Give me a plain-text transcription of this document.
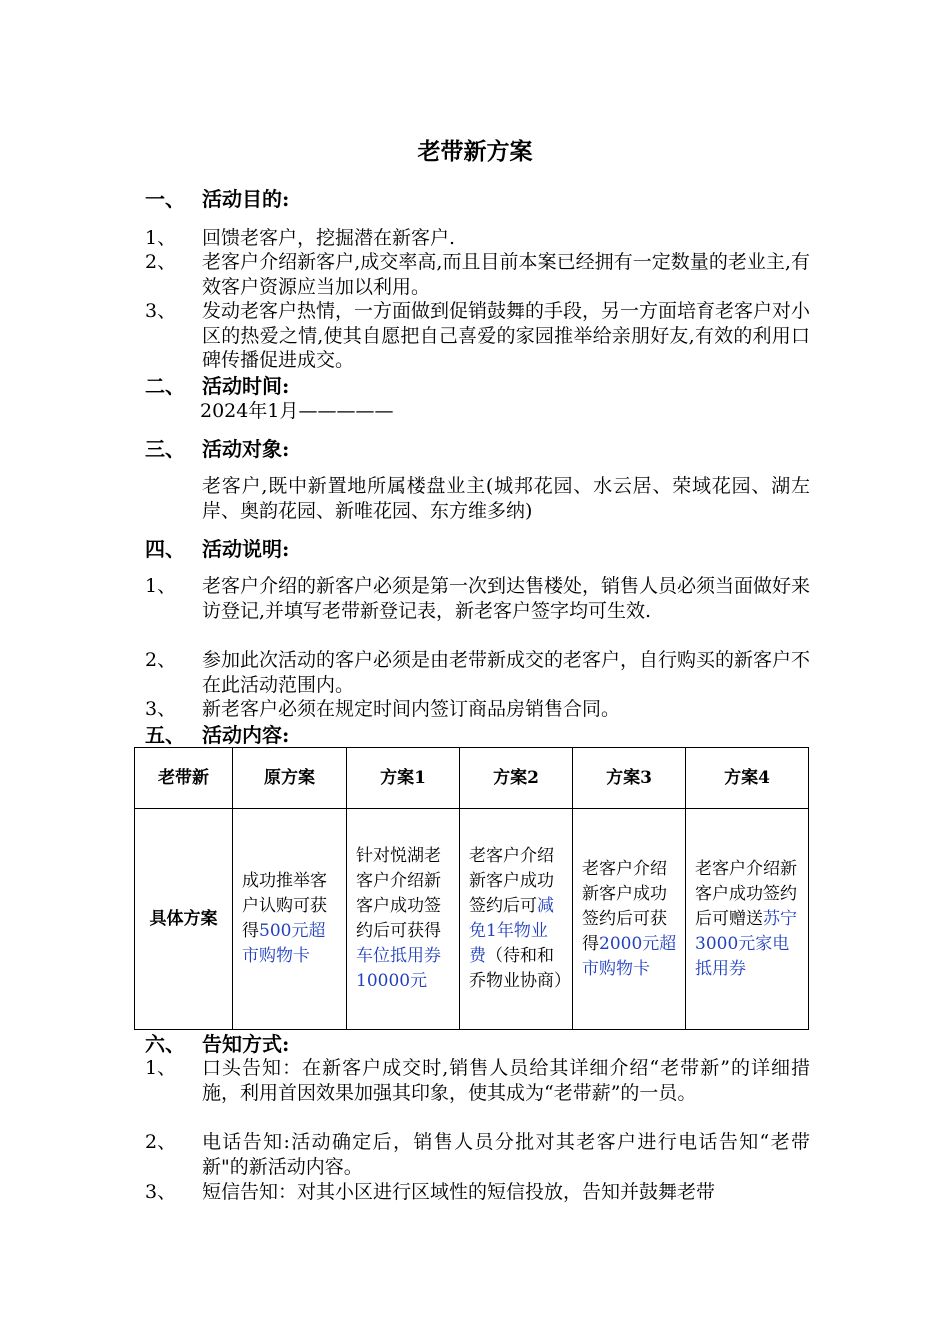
老带新方案
一、 活动目的:
1、 回馈老客户，挖掘潜在新客户.
2、 老客户介绍新客户,成交率高,而且目前本案已经拥有一定数量的老业主,有效客户资源应当加以利用。
3、 发动老客户热情，一方面做到促销鼓舞的手段，另一方面培育老客户对小区的热爱之情,使其自愿把自己喜爱的家园推举给亲朋好友,有效的利用口碑传播促进成交。
二、 活动时间:
2024年1月—————
三、 活动对象:
老客户,既中新置地所属楼盘业主(城邦花园、水云居、荣域花园、湖左岸、奥韵花园、新唯花园、东方维多纳)
四、 活动说明:
1、 老客户介绍的新客户必须是第一次到达售楼处，销售人员必须当面做好来访登记,并填写老带新登记表，新老客户签字均可生效.
2、 参加此次活动的客户必须是由老带新成交的老客户，自行购买的新客户不在此活动范围内。
3、 新老客户必须在规定时间内签订商品房销售合同。
五、 活动内容:
老带新	原方案	方案1	方案2	方案3	方案4
具体方案	成功推举客户认购可获得500元超市购物卡	针对悦湖老客户介绍新客户成功签约后可获得车位抵用券10000元	老客户介绍新客户成功签约后可减免1年物业费（待和和乔物业协商）	老客户介绍新客户成功签约后可获得2000元超市购物卡	老客户介绍新客户成功签约后可赠送苏宁3000元家电抵用券
六、 告知方式:
1、 口头告知：在新客户成交时,销售人员给其详细介绍“老带新”的详细措施，利用首因效果加强其印象，使其成为“老带薪”的一员。
2、 电话告知:活动确定后，销售人员分批对其老客户进行电话告知“老带新"的新活动内容。
3、 短信告知：对其小区进行区域性的短信投放，告知并鼓舞老带
